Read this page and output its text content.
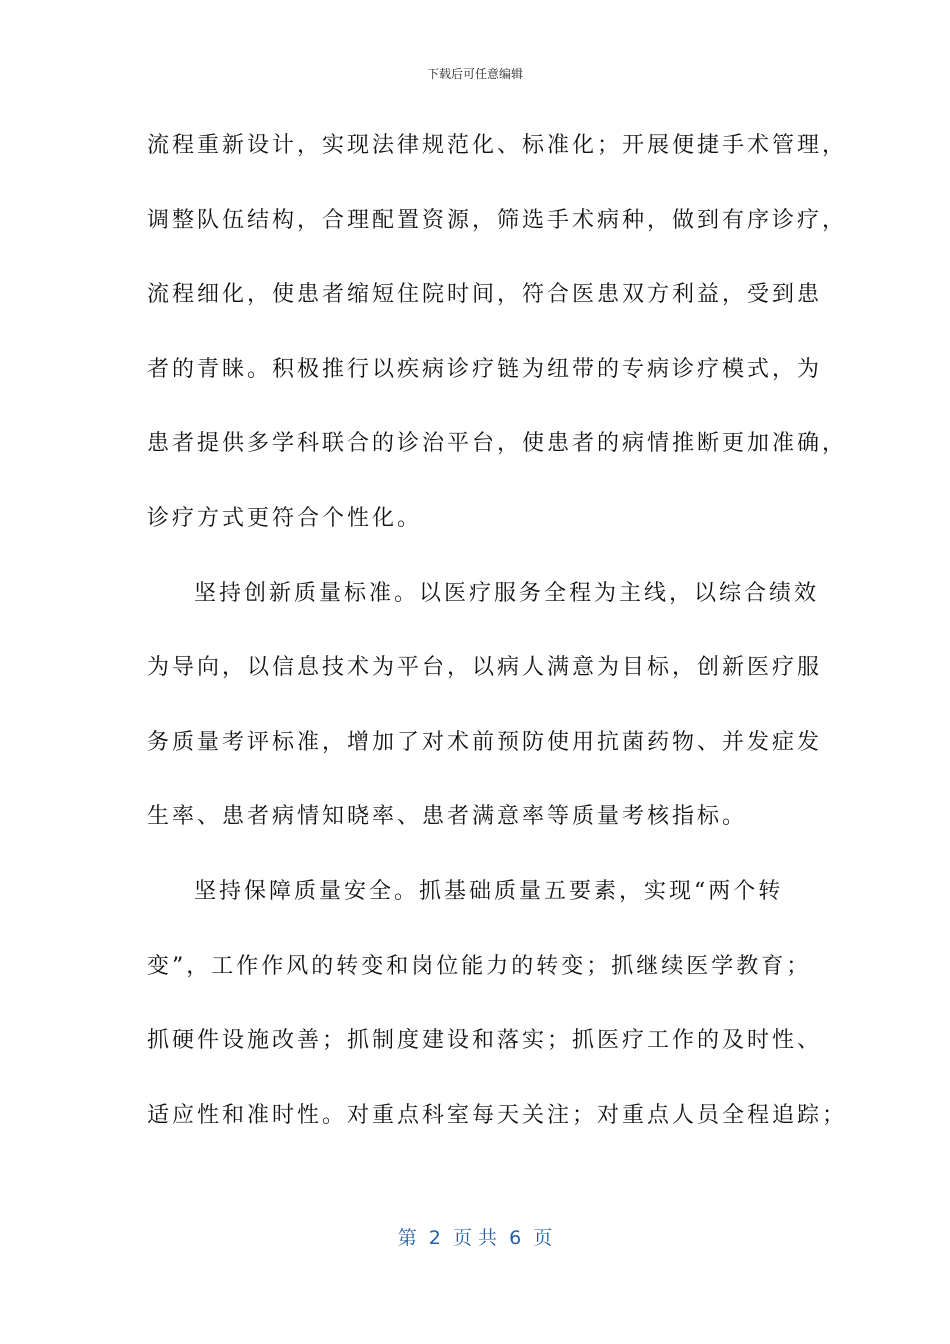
下载后可任意编辑
流程重新设计，实现法律规范化、标准化；开展便捷手术管理，
调整队伍结构，合理配置资源，筛选手术病种，做到有序诊疗，
流程细化，使患者缩短住院时间，符合医患双方利益，受到患
者的青睐。积极推行以疾病诊疗链为纽带的专病诊疗模式，为
患者提供多学科联合的诊治平台，使患者的病情推断更加准确，
诊疗方式更符合个性化。
坚持创新质量标准。以医疗服务全程为主线，以综合绩效
为导向，以信息技术为平台，以病人满意为目标，创新医疗服
务质量考评标准，增加了对术前预防使用抗菌药物、并发症发
生率、患者病情知晓率、患者满意率等质量考核指标。
坚持保障质量安全。抓基础质量五要素，实现“两个转
变”，工作作风的转变和岗位能力的转变；抓继续医学教育；
抓硬件设施改善；抓制度建设和落实；抓医疗工作的及时性、
适应性和准时性。对重点科室每天关注；对重点人员全程追踪；
第  2  页 共  6  页
